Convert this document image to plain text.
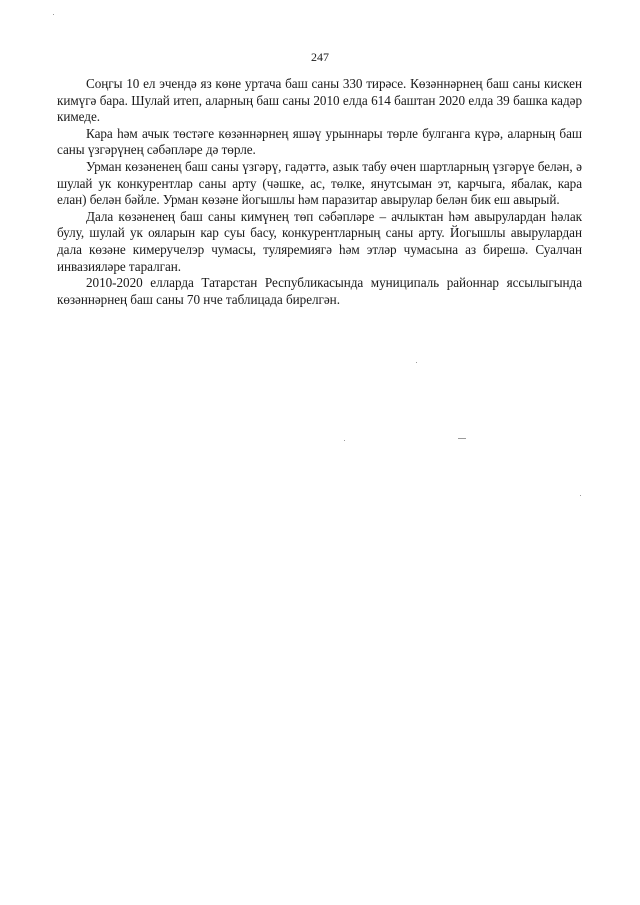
247

Соңгы 10 ел эчендә яз көне уртача баш саны 330 тирәсе. Көзәннәрнең баш саны кискен кимүгә бара. Шулай итеп, аларның баш саны 2010 елда 614 баштан 2020 елда 39 башка кадәр кимеде.

Кара һәм ачык төстәге көзәннәрнең яшәү урыннары төрле булганга күрә, аларның баш саны үзгәрүнең сәбәпләре дә төрле.

Урман көзәненең баш саны үзгәрү, гадәттә, азык табу өчен шартларның үзгәрүе белән, ә шулай ук конкурентлар саны арту (чәшке, ас, төлке, янутсыман эт, карчыга, ябалак, кара елан) белән бәйле. Урман көзәне йогышлы һәм паразитар авырулар белән бик еш авырый.

Дала көзәненең баш саны кимүнең төп сәбәпләре – ачлыктан һәм авырулардан һәлак булу, шулай ук ояларын кар суы басу, конкурентларның саны арту. Йогышлы авырулардан дала көзәне кимеручелэр чумасы, туляремиягә һәм этләр чумасына аз бирешә. Суалчан инвазияләре таралган.

2010-2020 елларда Татарстан Республикасында муниципаль районнар яссылыгында көзәннәрнең баш саны 70 нче таблицада бирелгән.
